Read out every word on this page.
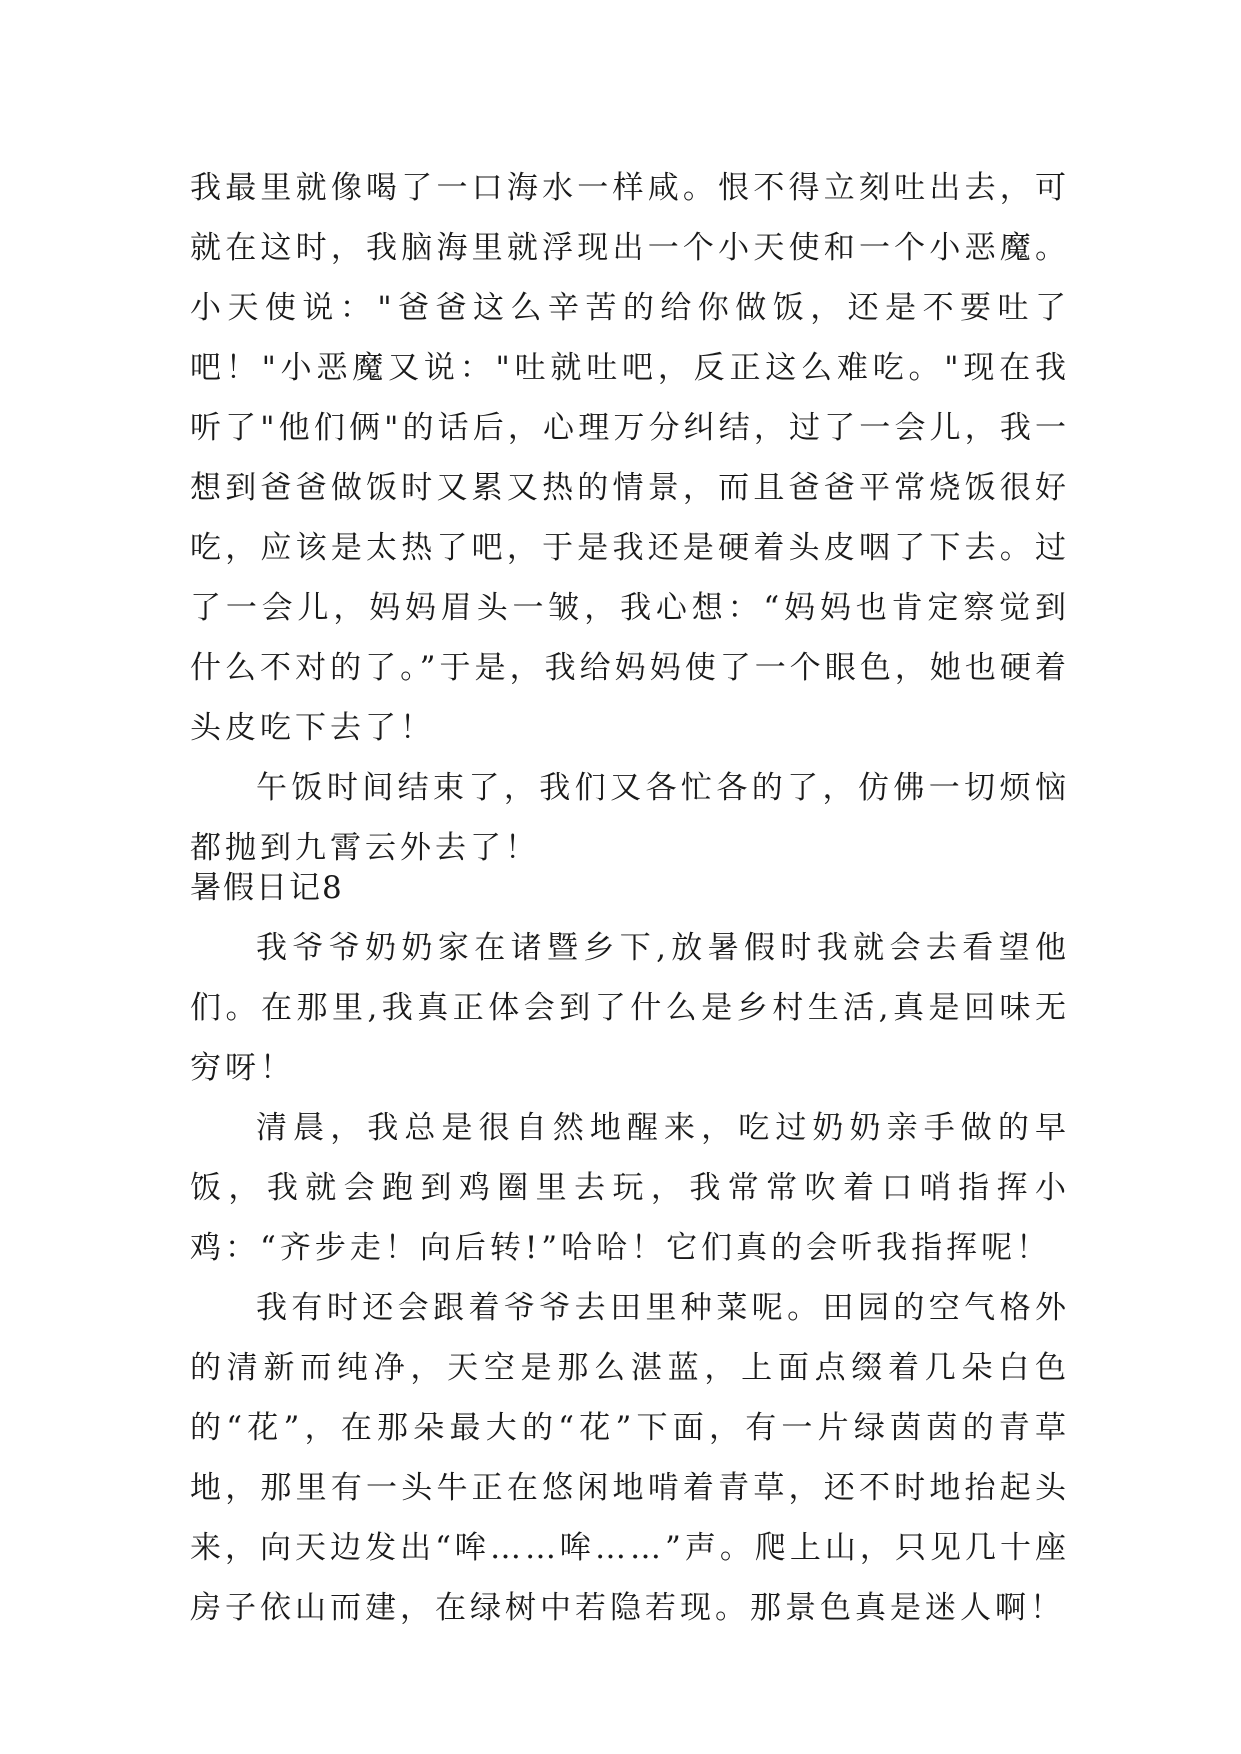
我最里就像喝了一口海水一样咸。恨不得立刻吐出去，可就在这时，我脑海里就浮现出一个小天使和一个小恶魔。小天使说："爸爸这么辛苦的给你做饭，还是不要吐了吧！"小恶魔又说："吐就吐吧，反正这么难吃。"现在我听了"他们俩"的话后，心理万分纠结，过了一会儿，我一想到爸爸做饭时又累又热的情景，而且爸爸平常烧饭很好吃，应该是太热了吧，于是我还是硬着头皮咽了下去。过了一会儿，妈妈眉头一皱，我心想：“妈妈也肯定察觉到什么不对的了。”于是，我给妈妈使了一个眼色，她也硬着头皮吃下去了！

午饭时间结束了，我们又各忙各的了，仿佛一切烦恼都抛到九霄云外去了！

暑假日记8

我爷爷奶奶家在诸暨乡下,放暑假时我就会去看望他们。在那里,我真正体会到了什么是乡村生活,真是回味无穷呀！

清晨，我总是很自然地醒来，吃过奶奶亲手做的早饭，我就会跑到鸡圈里去玩，我常常吹着口哨指挥小鸡：“齐步走！向后转!”哈哈！它们真的会听我指挥呢！

我有时还会跟着爷爷去田里种菜呢。田园的空气格外的清新而纯净，天空是那么湛蓝，上面点缀着几朵白色的“花”，在那朵最大的“花”下面，有一片绿茵茵的青草地，那里有一头牛正在悠闲地啃着青草，还不时地抬起头来，向天边发出“哞……哞……”声。爬上山，只见几十座房子依山而建，在绿树中若隐若现。那景色真是迷人啊！
